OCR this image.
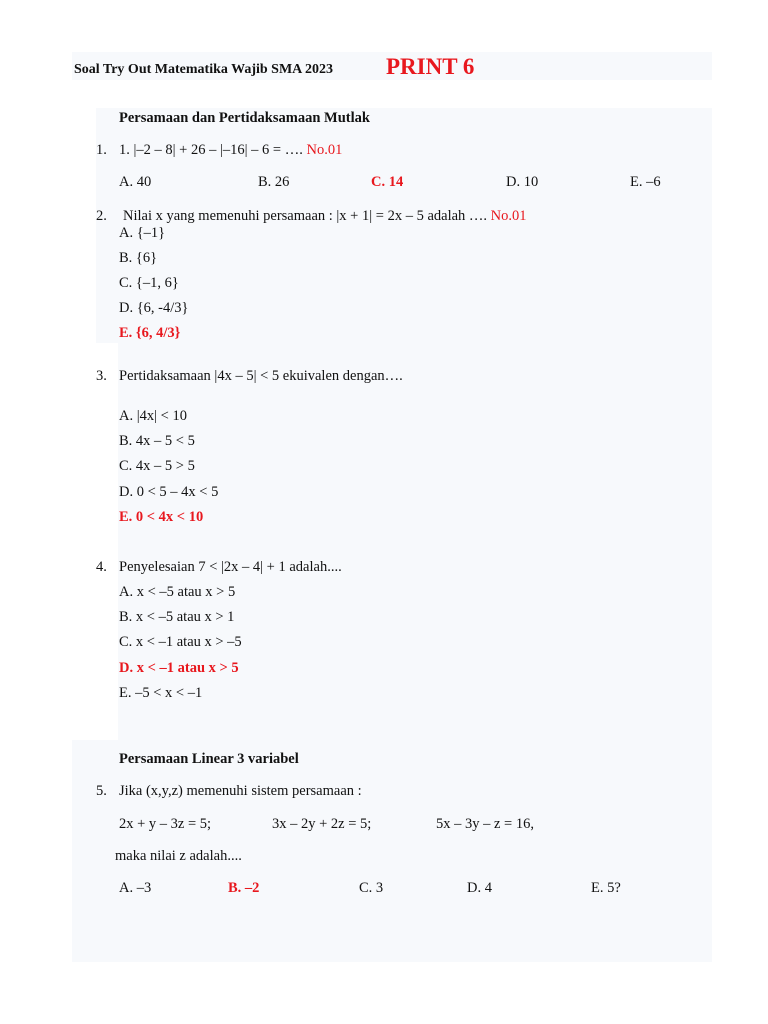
Soal Try Out Matematika Wajib SMA 2023 PRINT 6
Persamaan dan Pertidaksamaan Mutlak
1. 1. |–2 – 8| + 26 – |–16| – 6 = …. No.01
A. 40	B. 26	C. 14	D. 10	E. –6
2. Nilai x yang memenuhi persamaan : |x + 1| = 2x – 5 adalah …. No.01
A. {–1}
B. {6}
C. {–1, 6}
D. {6, -4/3}
E. {6, 4/3}
3. Pertidaksamaan |4x – 5| < 5 ekuivalen dengan….
A. |4x| < 10
B. 4x – 5 < 5
C. 4x – 5 > 5
D. 0 < 5 – 4x < 5
E. 0 < 4x < 10
4. Penyelesaian 7 < |2x – 4| + 1 adalah....
A. x < –5 atau x > 5
B. x < –5 atau x > 1
C. x < –1 atau x > –5
D. x < –1 atau x > 5
E. –5 < x < –1
Persamaan Linear 3 variabel
5. Jika (x,y,z) memenuhi sistem persamaan :
2x + y – 3z = 5;	3x – 2y + 2z = 5;	5x – 3y – z = 16,
maka nilai z adalah....
A. –3	B. –2	C. 3	D. 4	E. 5?
